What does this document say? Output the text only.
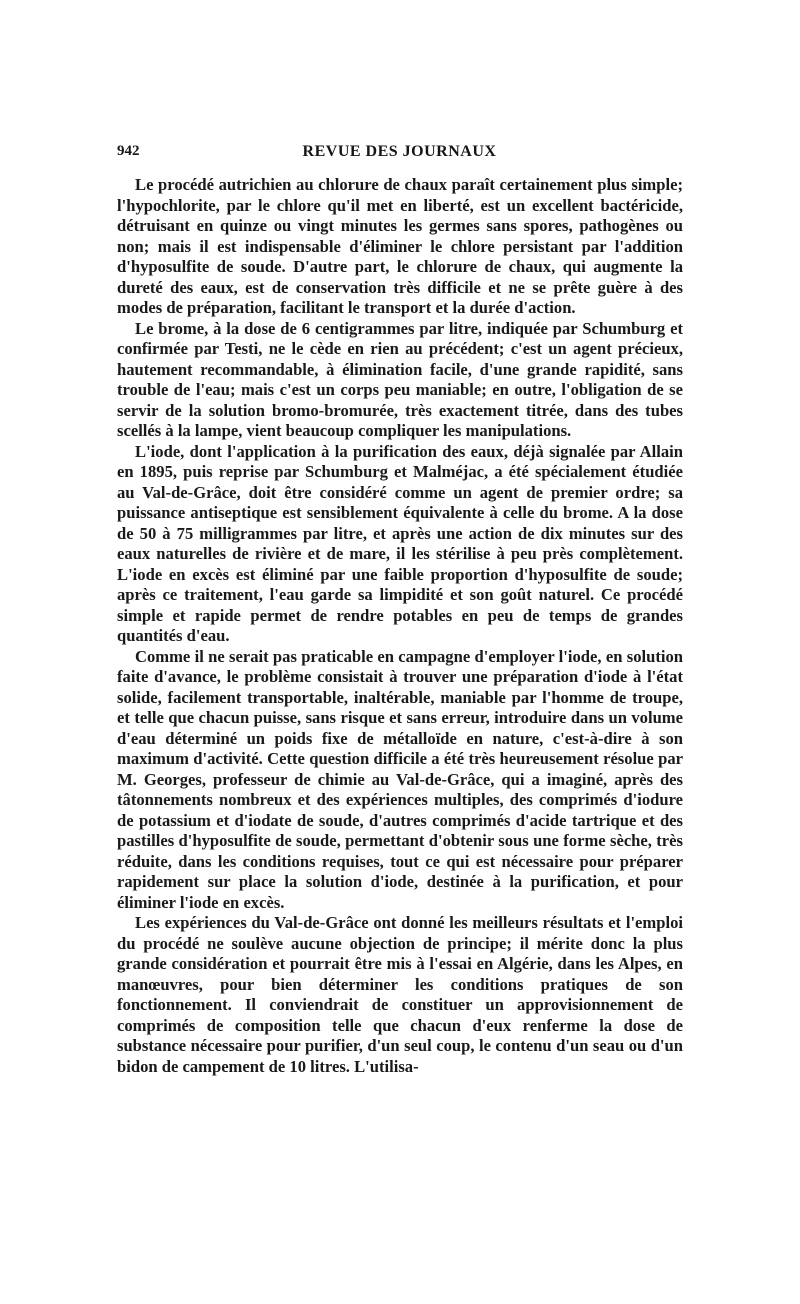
942	REVUE DES JOURNAUX

Le procédé autrichien au chlorure de chaux paraît certainement plus simple; l'hypochlorite, par le chlore qu'il met en liberté, est un excellent bactéricide, détruisant en quinze ou vingt minutes les germes sans spores, pathogènes ou non; mais il est indispensable d'éliminer le chlore persistant par l'addition d'hyposulfite de soude. D'autre part, le chlorure de chaux, qui augmente la dureté des eaux, est de conservation très difficile et ne se prête guère à des modes de préparation, facilitant le transport et la durée d'action.

Le brome, à la dose de 6 centigrammes par litre, indiquée par Schumburg et confirmée par Testi, ne le cède en rien au précédent; c'est un agent précieux, hautement recommandable, à élimination facile, d'une grande rapidité, sans trouble de l'eau; mais c'est un corps peu maniable; en outre, l'obligation de se servir de la solution bromo-bromurée, très exactement titrée, dans des tubes scellés à la lampe, vient beaucoup compliquer les manipulations.

L'iode, dont l'application à la purification des eaux, déjà signalée par Allain en 1895, puis reprise par Schumburg et Malméjac, a été spécialement étudiée au Val-de-Grâce, doit être considéré comme un agent de premier ordre; sa puissance antiseptique est sensiblement équivalente à celle du brome. A la dose de 50 à 75 milligrammes par litre, et après une action de dix minutes sur des eaux naturelles de rivière et de mare, il les stérilise à peu près complètement. L'iode en excès est éliminé par une faible proportion d'hyposulfite de soude; après ce traitement, l'eau garde sa limpidité et son goût naturel. Ce procédé simple et rapide permet de rendre potables en peu de temps de grandes quantités d'eau.

Comme il ne serait pas praticable en campagne d'employer l'iode, en solution faite d'avance, le problème consistait à trouver une préparation d'iode à l'état solide, facilement transportable, inaltérable, maniable par l'homme de troupe, et telle que chacun puisse, sans risque et sans erreur, introduire dans un volume d'eau déterminé un poids fixe de métalloïde en nature, c'est-à-dire à son maximum d'activité. Cette question difficile a été très heureusement résolue par M. Georges, professeur de chimie au Val-de-Grâce, qui a imaginé, après des tâtonnements nombreux et des expériences multiples, des comprimés d'iodure de potassium et d'iodate de soude, d'autres comprimés d'acide tartrique et des pastilles d'hyposulfite de soude, permettant d'obtenir sous une forme sèche, très réduite, dans les conditions requises, tout ce qui est nécessaire pour préparer rapidement sur place la solution d'iode, destinée à la purification, et pour éliminer l'iode en excès.

Les expériences du Val-de-Grâce ont donné les meilleurs résultats et l'emploi du procédé ne soulève aucune objection de principe; il mérite donc la plus grande considération et pourrait être mis à l'essai en Algérie, dans les Alpes, en manœuvres, pour bien déterminer les conditions pratiques de son fonctionnement. Il conviendrait de constituer un approvisionnement de comprimés de composition telle que chacun d'eux renferme la dose de substance nécessaire pour purifier, d'un seul coup, le contenu d'un seau ou d'un bidon de campement de 10 litres. L'utilisa-
